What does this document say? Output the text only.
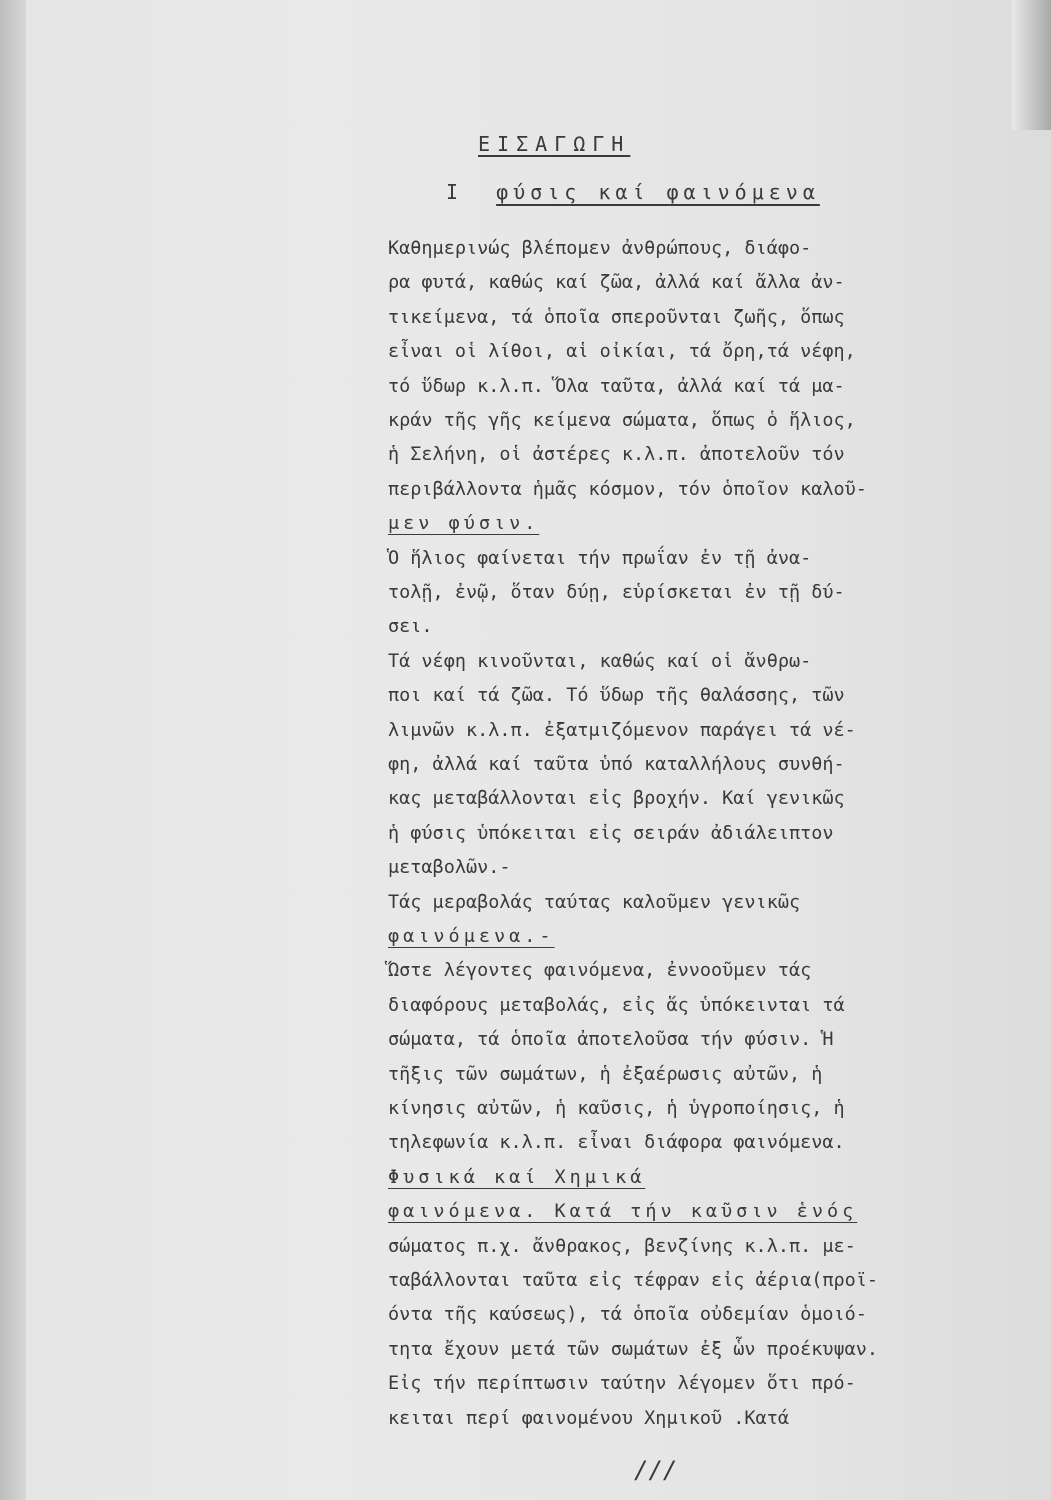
ΕΙΣΑΓΩΓΗ
Ι φύσις καί φαινόμενα
Καθημερινώς βλέπομεν ἀνθρώπους, διάφο-
ρα φυτά, καθώς καί ζῶα, ἀλλά καί ἄλλα ἀν-
τικείμενα, τά ὁποῖα σπεροῦνται ζωῆς, ὅπως
εἶναι οἱ λίθοι, αἱ οἰκίαι, τά ὄρη,τά νέφη,
τό ὕδωρ κ.λ.π. Ὅλα ταῦτα, ἀλλά καί τά μα-
κράν τῆς γῆς κείμενα σώματα, ὅπως ὁ ἥλιος,
ἡ Σελήνη, οἱ ἀστέρες κ.λ.π. ἀποτελοῦν τόν
περιβάλλοντα ἡμᾶς κόσμον, τόν ὁποῖον καλοῦ-
μεν φύσιν.
Ὁ ἥλιος φαίνεται τήν πρωΐαν ἐν τῇ ἀνα-
τολῇ, ἐνῷ, ὅταν δύῃ, εὑρίσκεται ἐν τῇ δύ-
σει.
Τά νέφη κινοῦνται, καθώς καί οἱ ἄνθρω-
ποι καί τά ζῶα. Τό ὕδωρ τῆς θαλάσσης, τῶν
λιμνῶν κ.λ.π. ἐξατμιζόμενον παράγει τά νέ-
φη, ἀλλά καί ταῦτα ὑπό καταλλήλους συνθή-
κας μεταβάλλονται εἰς βροχήν. Καί γενικῶς
ἡ φύσις ὑπόκειται εἰς σειράν ἀδιάλειπτον
μεταβολῶν.-
Τάς μεραβολάς ταύτας καλοῦμεν γενικῶς
φαινόμενα.-
Ὥστε λέγοντες φαινόμενα, ἐννοοῦμεν τάς
διαφόρους μεταβολάς, εἰς ἅς ὑπόκεινται τά
σώματα, τά ὁποῖα ἀποτελοῦσα τήν φύσιν. Ἡ
τῆξις τῶν σωμάτων, ἡ ἐξαέρωσις αὐτῶν, ἡ
κίνησις αὐτῶν, ἡ καῦσις, ἡ ὑγροποίησις, ἡ
τηλεφωνία κ.λ.π. εἶναι διάφορα φαινόμενα.
Φυσικά καί Χημικά
φαινόμενα. Κατά τήν καῦσιν ἑνός
σώματος π.χ. ἄνθρακος, βενζίνης κ.λ.π. με-
ταβάλλονται ταῦτα εἰς τέφραν εἰς ἀέρια(προϊ-
όντα τῆς καύσεως), τά ὁποῖα οὐδεμίαν ὁμοιό-
τητα ἔχουν μετά τῶν σωμάτων ἐξ ὧν προέκυψαν.
Εἰς τήν περίπτωσιν ταύτην λέγομεν ὅτι πρό-
κειται περί φαινομένου Χημικοῦ .Κατά
///
